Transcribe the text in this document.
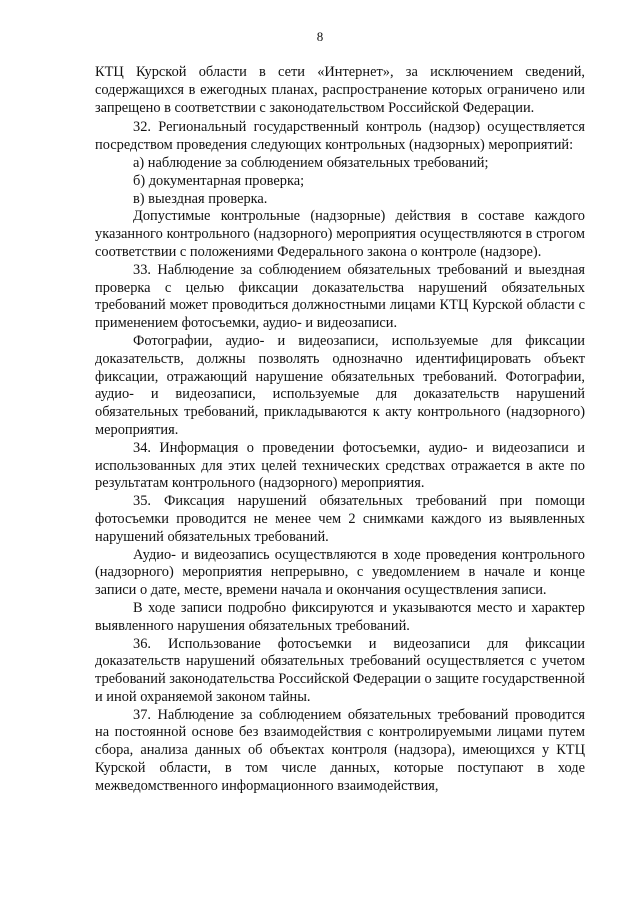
8

КТЦ Курской области в сети «Интернет», за исключением сведений, содержащихся в ежегодных планах, распространение которых ограничено или запрещено в соответствии с законодательством Российской Федерации.

32. Региональный государственный контроль (надзор) осуществляется посредством проведения следующих контрольных (надзорных) мероприятий:

а) наблюдение за соблюдением обязательных требований;

б) документарная проверка;

в) выездная проверка.

Допустимые контрольные (надзорные) действия в составе каждого указанного контрольного (надзорного) мероприятия осуществляются в строгом соответствии с положениями Федерального закона о контроле (надзоре).

33. Наблюдение за соблюдением обязательных требований и выездная проверка с целью фиксации доказательства нарушений обязательных требований может проводиться должностными лицами КТЦ Курской области с применением фотосъемки, аудио- и видеозаписи.

Фотографии, аудио- и видеозаписи, используемые для фиксации доказательств, должны позволять однозначно идентифицировать объект фиксации, отражающий нарушение обязательных требований. Фотографии, аудио- и видеозаписи, используемые для доказательств нарушений обязательных требований, прикладываются к акту контрольного (надзорного) мероприятия.

34. Информация о проведении фотосъемки, аудио- и видеозаписи и использованных для этих целей технических средствах отражается в акте по результатам контрольного (надзорного) мероприятия.

35. Фиксация нарушений обязательных требований при помощи фотосъемки проводится не менее чем 2 снимками каждого из выявленных нарушений обязательных требований.

Аудио- и видеозапись осуществляются в ходе проведения контрольного (надзорного) мероприятия непрерывно, с уведомлением в начале и конце записи о дате, месте, времени начала и окончания осуществления записи.

В ходе записи подробно фиксируются и указываются место и характер выявленного нарушения обязательных требований.

36. Использование фотосъемки и видеозаписи для фиксации доказательств нарушений обязательных требований осуществляется с учетом требований законодательства Российской Федерации о защите государственной и иной охраняемой законом тайны.

37. Наблюдение за соблюдением обязательных требований проводится на постоянной основе без взаимодействия с контролируемыми лицами путем сбора, анализа данных об объектах контроля (надзора), имеющихся у КТЦ Курской области, в том числе данных, которые поступают в ходе межведомственного информационного взаимодействия,
